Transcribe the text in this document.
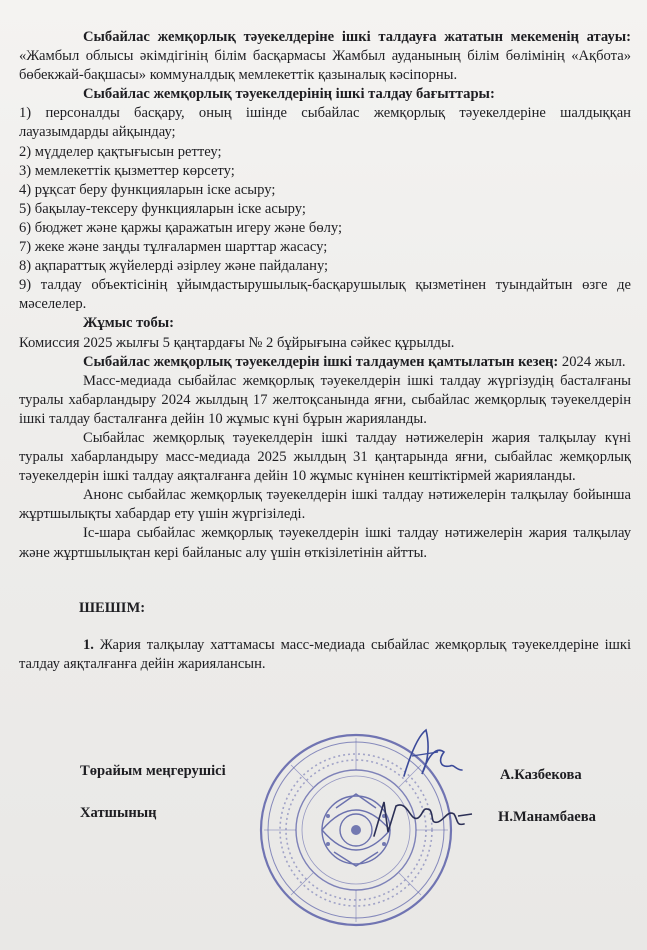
Сыбайлас жемқорлық тәуекелдеріне ішкі талдауға жататын мекеменің атауы: «Жамбыл облысы әкімдігінің білім басқармасы Жамбыл ауданының білім бөлімінің «Ақбота» бөбекжай-бақшасы» коммуналдық мемлекеттік қазыналық кәсіпорны.

Сыбайлас жемқорлық тәуекелдерінің ішкі талдау бағыттары:

1) персоналды басқару, оның ішінде сыбайлас жемқорлық тәуекелдеріне шалдыққан лауазымдарды айқындау;

2) мүдделер қақтығысын реттеу;

3) мемлекеттік қызметтер көрсету;

4) рұқсат беру функцияларын іске асыру;

5) бақылау-тексеру функцияларын іске асыру;

6) бюджет және қаржы қаражатын игеру және бөлу;

7) жеке және заңды тұлғалармен шарттар жасасу;

8) ақпараттық жүйелерді әзірлеу және пайдалану;

9) талдау объектісінің ұйымдастырушылық-басқарушылық қызметінен туындайтын өзге де мәселелер.

Жұмыс тобы:

Комиссия 2025 жылғы 5 қаңтардағы № 2 бұйрығына сәйкес құрылды.

Сыбайлас жемқорлық тәуекелдерін ішкі талдаумен қамтылатын кезең: 2024 жыл.

Масс-медиада сыбайлас жемқорлық тәуекелдерін ішкі талдау жүргізудің басталғаны туралы хабарландыру 2024 жылдың 17 желтоқсанында яғни, сыбайлас жемқорлық тәуекелдерін ішкі талдау басталғанға дейін 10 жұмыс күні бұрын жарияланды.

Сыбайлас жемқорлық тәуекелдерін ішкі талдау нәтижелерін жария талқылау күні туралы хабарландыру масс-медиада 2025 жылдың 31 қаңтарында яғни, сыбайлас жемқорлық тәуекелдерін ішкі талдау аяқталғанға дейін 10 жұмыс күнінен кештіктірмей жарияланды.

Анонс сыбайлас жемқорлық тәуекелдерін ішкі талдау нәтижелерін талқылау бойынша жұртшылықты хабардар ету үшін жүргізіледі.

Іс-шара сыбайлас жемқорлық тәуекелдерін ішкі талдау нәтижелерін жария талқылау және жұртшылықтан кері байланыс алу үшін өткізілетінін айтты.

ШЕШІМ:

1. Жария талқылау хаттамасы масс-медиада сыбайлас жемқорлық тәуекелдеріне ішкі талдау аяқталғанға дейін жариялансын.

Төрайым меңгерушісі	А.Казбекова
Хатшының	Н.Манамбаева
